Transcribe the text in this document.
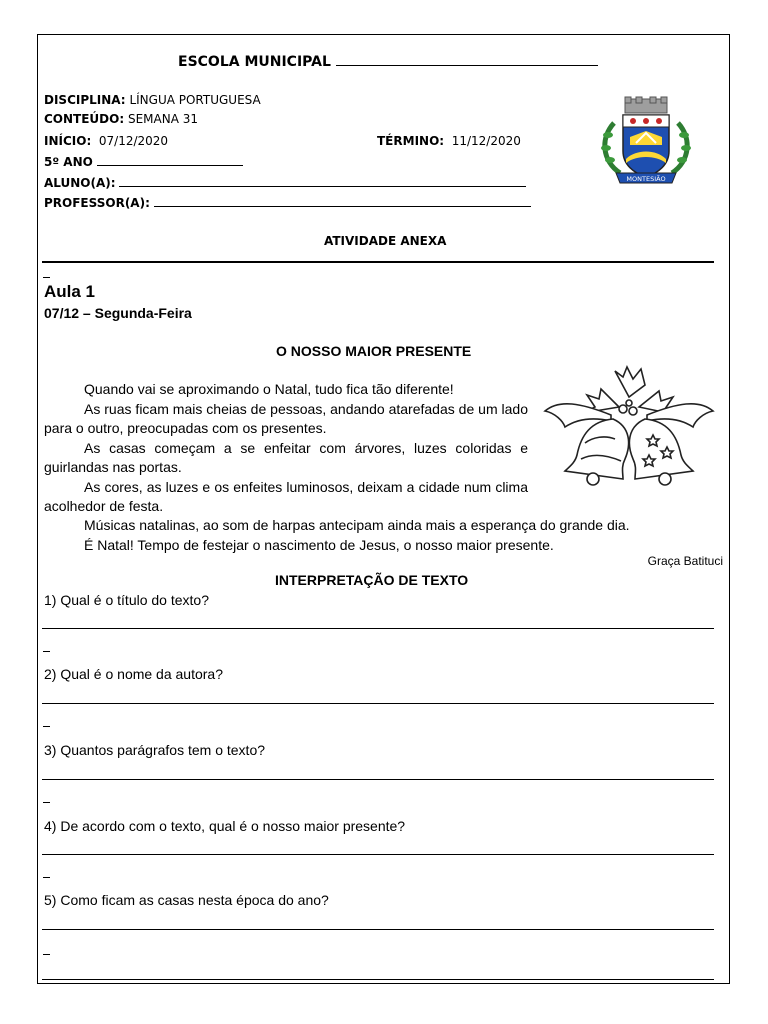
ESCOLA MUNICIPAL
DISCIPLINA: LÍNGUA PORTUGUESA
CONTEÚDO: SEMANA 31
INÍCIO: 07/12/2020	TÉRMINO: 11/12/2020
5º ANO
ALUNO(A):
PROFESSOR(A):
MONTESIÃO
ATIVIDADE ANEXA
Aula 1
07/12 – Segunda-Feira
O NOSSO MAIOR PRESENTE

Quando vai se aproximando o Natal, tudo fica tão diferente!

As ruas ficam mais cheias de pessoas, andando atarefadas de um lado para o outro, preocupadas com os presentes.

As casas começam a se enfeitar com árvores, luzes coloridas e guirlandas nas portas.

As cores, as luzes e os enfeites luminosos, deixam a cidade num clima acolhedor de festa.

Músicas natalinas, ao som de harpas antecipam ainda mais a esperança do grande dia.

É Natal! Tempo de festejar o nascimento de Jesus, o nosso maior presente.

Graça Batituci
INTERPRETAÇÃO DE TEXTO
1) Qual é o título do texto?
2) Qual é o nome da autora?
3) Quantos parágrafos tem o texto?
4) De acordo com o texto, qual é o nosso maior presente?
5) Como ficam as casas nesta época do ano?
